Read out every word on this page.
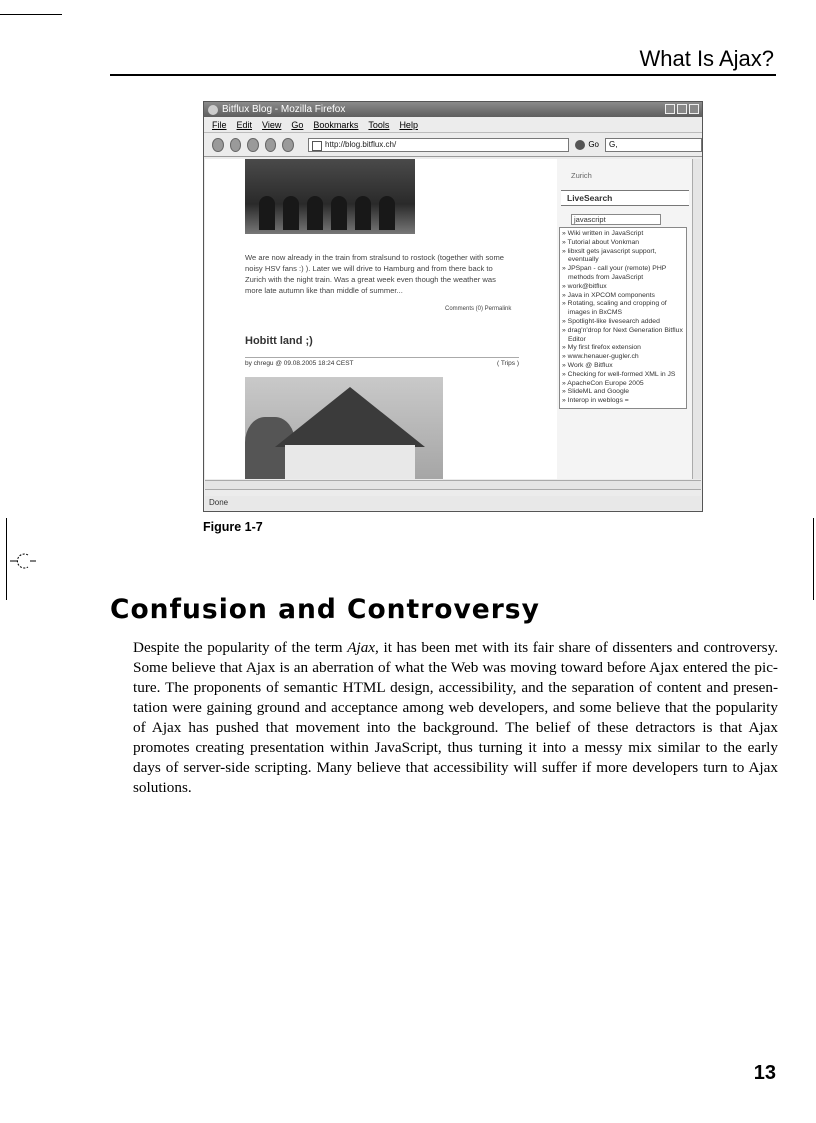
What Is Ajax?
Bitflux Blog - Mozilla Firefox
File Edit View Go Bookmarks Tools Help
http://blog.bitflux.ch/	Go	G,
We are now already in the train from stralsund to rostock (together with some noisy HSV fans :) ). Later we will drive to Hamburg and from there back to Zurich with the night train. Was a great week even though the weather was more late autumn like than middle of summer...
Comments (0) Permalink
Hobitt land ;)
by chregu @ 09.08.2005 18:24 CEST	( Trips )
Zurich
LiveSearch
javascript
» Wiki written in JavaScript
» Tutorial about Vonkman
» libxslt gets javascript support, eventually
» JPSpan - call your (remote) PHP methods from JavaScript
» work@bitflux
» Java in XPCOM components
» Rotating, scaling and cropping of images in BxCMS
» Spotlight-like livesearch added
» drag'n'drop for Next Generation Bitflux Editor
» My first firefox extension
» www.henauer-gugler.ch
» Work @ Bitflux
» Checking for well-formed XML in JS
» ApacheCon Europe 2005
» SlideML and Google
» Interop in weblogs =
Done
Figure 1-7
Confusion and Controversy

Despite the popularity of the term Ajax, it has been met with its fair share of dissenters and controversy. Some believe that Ajax is an aberration of what the Web was moving toward before Ajax entered the pic-ture. The proponents of semantic HTML design, accessibility, and the separation of content and presen-tation were gaining ground and acceptance among web developers, and some believe that the popularity of Ajax has pushed that movement into the background. The belief of these detractors is that Ajax promotes creating presentation within JavaScript, thus turning it into a messy mix similar to the early days of server-side scripting. Many believe that accessibility will suffer if more developers turn to Ajax solutions.

13
